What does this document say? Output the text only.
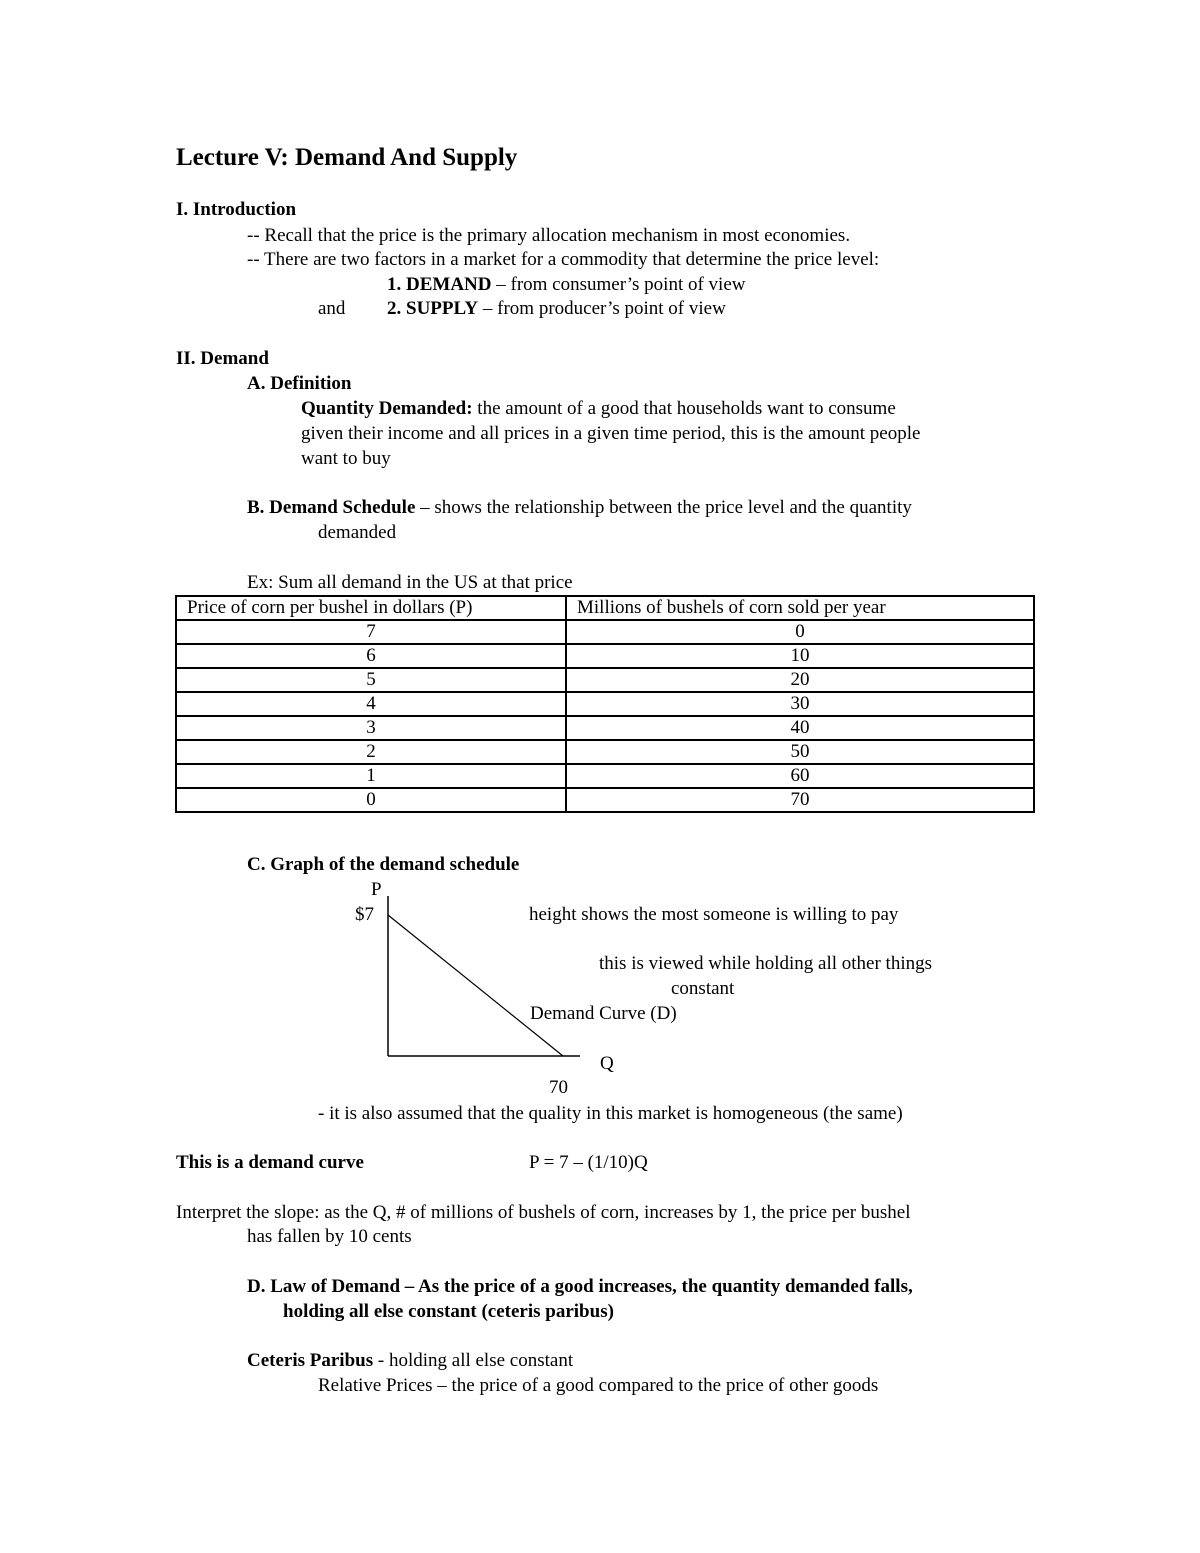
Lecture V: Demand And Supply
I. Introduction
-- Recall that the price is the primary allocation mechanism in most economies.
-- There are two factors in a market for a commodity that determine the price level:
1. DEMAND – from consumer’s point of view
and 2. SUPPLY – from producer’s point of view
II. Demand
A. Definition
Quantity Demanded: the amount of a good that households want to consume
given their income and all prices in a given time period, this is the amount people
want to buy
B. Demand Schedule – shows the relationship between the price level and the quantity
demanded
Ex: Sum all demand in the US at that price
Price of corn per bushel in dollars (P)	Millions of bushels of corn sold per year
7	0
6	10
5	20
4	30
3	40
2	50
1	60
0	70
C. Graph of the demand schedule
P
$7	height shows the most someone is willing to pay
this is viewed while holding all other things
constant
Demand Curve (D)
Q
70
- it is also assumed that the quality in this market is homogeneous (the same)
This is a demand curve	P = 7 – (1/10)Q
Interpret the slope: as the Q, # of millions of bushels of corn, increases by 1, the price per bushel
has fallen by 10 cents
D. Law of Demand – As the price of a good increases, the quantity demanded falls,
holding all else constant (ceteris paribus)
Ceteris Paribus - holding all else constant
Relative Prices – the price of a good compared to the price of other goods
